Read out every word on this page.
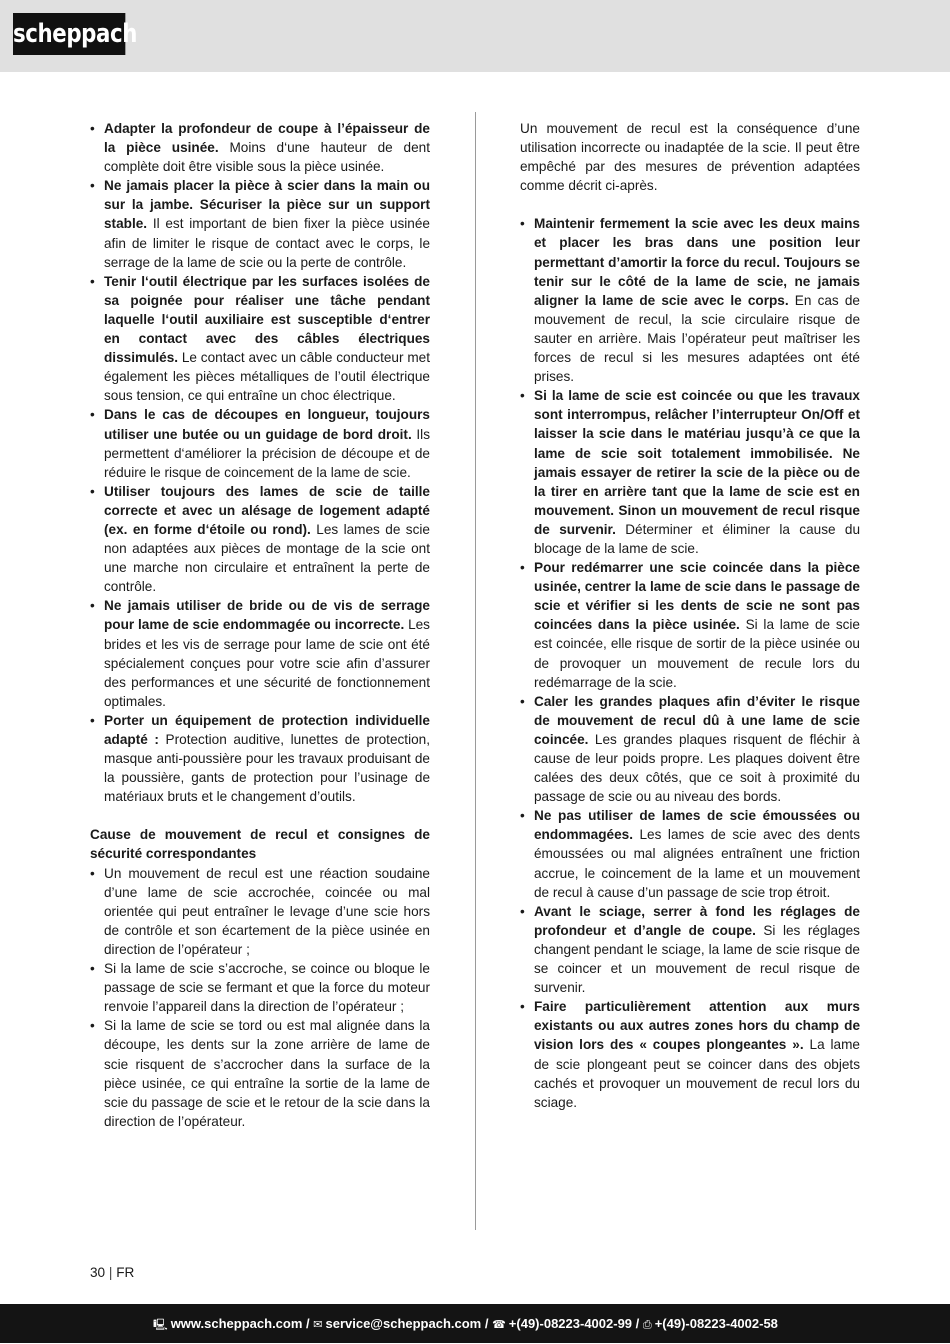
scheppach
• Adapter la profondeur de coupe à l’épaisseur de la pièce usinée. Moins d‘une hauteur de dent complète doit être visible sous la pièce usinée.
• Ne jamais placer la pièce à scier dans la main ou sur la jambe. Sécuriser la pièce sur un support stable. Il est important de bien fixer la pièce usinée afin de limiter le risque de contact avec le corps, le serrage de la lame de scie ou la perte de contrôle.
• Tenir l‘outil électrique par les surfaces isolées de sa poignée pour réaliser une tâche pendant laquelle l‘outil auxiliaire est susceptible d‘entrer en contact avec des câbles électriques dissimulés. Le contact avec un câble conducteur met également les pièces métalliques de l’outil électrique sous tension, ce qui entraîne un choc électrique.
• Dans le cas de découpes en longueur, toujours utiliser une butée ou un guidage de bord droit. Ils permettent d‘améliorer la précision de découpe et de réduire le risque de coincement de la lame de scie.
• Utiliser toujours des lames de scie de taille correcte et avec un alésage de logement adapté (ex. en forme d‘étoile ou rond). Les lames de scie non adaptées aux pièces de montage de la scie ont une marche non circulaire et entraînent la perte de contrôle.
• Ne jamais utiliser de bride ou de vis de serrage pour lame de scie endommagée ou incorrecte. Les brides et les vis de serrage pour lame de scie ont été spécialement conçues pour votre scie afin d’assurer des performances et une sécurité de fonctionnement optimales.
• Porter un équipement de protection individuelle adapté : Protection auditive, lunettes de protection, masque anti-poussière pour les travaux produisant de la poussière, gants de protection pour l’usinage de matériaux bruts et le changement d’outils.
Cause de mouvement de recul et consignes de sécurité correspondantes
• Un mouvement de recul est une réaction soudaine d’une lame de scie accrochée, coincée ou mal orientée qui peut entraîner le levage d’une scie hors de contrôle et son écartement de la pièce usinée en direction de l’opérateur ;
• Si la lame de scie s’accroche, se coince ou bloque le passage de scie se fermant et que la force du moteur renvoie l’appareil dans la direction de l’opérateur ;
• Si la lame de scie se tord ou est mal alignée dans la découpe, les dents sur la zone arrière de lame de scie risquent de s’accrocher dans la surface de la pièce usinée, ce qui entraîne la sortie de la lame de scie du passage de scie et le retour de la scie dans la direction de l’opérateur.
Un mouvement de recul est la conséquence d’une utilisation incorrecte ou inadaptée de la scie. Il peut être empêché par des mesures de prévention adaptées comme décrit ci-après.
• Maintenir fermement la scie avec les deux mains et placer les bras dans une position leur permettant d’amortir la force du recul. Toujours se tenir sur le côté de la lame de scie, ne jamais aligner la lame de scie avec le corps. En cas de mouvement de recul, la scie circulaire risque de sauter en arrière. Mais l’opérateur peut maîtriser les forces de recul si les mesures adaptées ont été prises.
• Si la lame de scie est coincée ou que les travaux sont interrompus, relâcher l’interrupteur On/Off et laisser la scie dans le matériau jusqu’à ce que la lame de scie soit totalement immobilisée. Ne jamais essayer de retirer la scie de la pièce ou de la tirer en arrière tant que la lame de scie est en mouvement. Sinon un mouvement de recul risque de survenir. Déterminer et éliminer la cause du blocage de la lame de scie.
• Pour redémarrer une scie coincée dans la pièce usinée, centrer la lame de scie dans le passage de scie et vérifier si les dents de scie ne sont pas coincées dans la pièce usinée. Si la lame de scie est coincée, elle risque de sortir de la pièce usinée ou de provoquer un mouvement de recule lors du redémarrage de la scie.
• Caler les grandes plaques afin d’éviter le risque de mouvement de recul dû à une lame de scie coincée. Les grandes plaques risquent de fléchir à cause de leur poids propre. Les plaques doivent être calées des deux côtés, que ce soit à proximité du passage de scie ou au niveau des bords.
• Ne pas utiliser de lames de scie émoussées ou endommagées. Les lames de scie avec des dents émoussées ou mal alignées entraînent une friction accrue, le coincement de la lame et un mouvement de recul à cause d’un passage de scie trop étroit.
• Avant le sciage, serrer à fond les réglages de profondeur et d’angle de coupe. Si les réglages changent pendant le sciage, la lame de scie risque de se coincer et un mouvement de recul risque de survenir.
• Faire particulièrement attention aux murs existants ou aux autres zones hors du champ de vision lors des « coupes plongeantes ». La lame de scie plongeant peut se coincer dans des objets cachés et provoquer un mouvement de recul lors du sciage.
30 | FR
🖳 www.scheppach.com / ✉ service@scheppach.com / ☎ +(49)-08223-4002-99 / ⎙ +(49)-08223-4002-58
